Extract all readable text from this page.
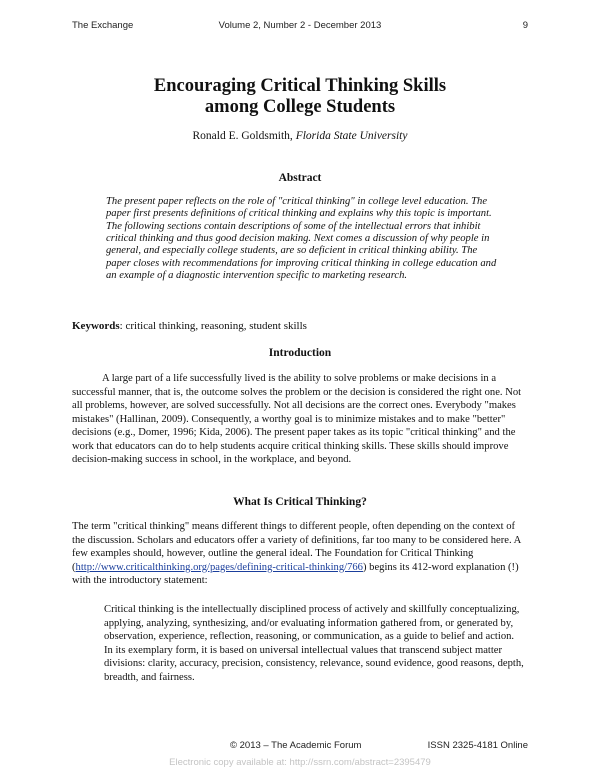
The Exchange	Volume 2, Number 2 - December 2013	9
Encouraging Critical Thinking Skills
among College Students
Ronald E. Goldsmith, Florida State University
Abstract

The present paper reflects on the role of "critical thinking" in college level education. The paper first presents definitions of critical thinking and explains why this topic is important. The following sections contain descriptions of some of the intellectual errors that inhibit critical thinking and thus good decision making. Next comes a discussion of why people in general, and especially college students, are so deficient in critical thinking ability. The paper closes with recommendations for improving critical thinking in college education and an example of a diagnostic intervention specific to marketing research.

Keywords: critical thinking, reasoning, student skills
Introduction

A large part of a life successfully lived is the ability to solve problems or make decisions in a successful manner, that is, the outcome solves the problem or the decision is considered the right one. Not all problems, however, are solved successfully. Not all decisions are the correct ones. Everybody "makes mistakes" (Hallinan, 2009). Consequently, a worthy goal is to minimize mistakes and to make "better" decisions (e.g., Domer, 1996; Kida, 2006). The present paper takes as its topic "critical thinking" and the work that educators can do to help students acquire critical thinking skills. These skills should improve decision-making success in school, in the workplace, and beyond.

What Is Critical Thinking?

The term "critical thinking" means different things to different people, often depending on the context of the discussion. Scholars and educators offer a variety of definitions, far too many to be considered here. A few examples should, however, outline the general ideal. The Foundation for Critical Thinking (http://www.criticalthinking.org/pages/defining-critical-thinking/766) begins its 412-word explanation (!) with the introductory statement:

Critical thinking is the intellectually disciplined process of actively and skillfully conceptualizing, applying, analyzing, synthesizing, and/or evaluating information gathered from, or generated by, observation, experience, reflection, reasoning, or communication, as a guide to belief and action. In its exemplary form, it is based on universal intellectual values that transcend subject matter divisions: clarity, accuracy, precision, consistency, relevance, sound evidence, good reasons, depth, breadth, and fairness.

© 2013 – The Academic Forum	ISSN 2325-4181 Online
Electronic copy available at: http://ssrn.com/abstract=2395479
